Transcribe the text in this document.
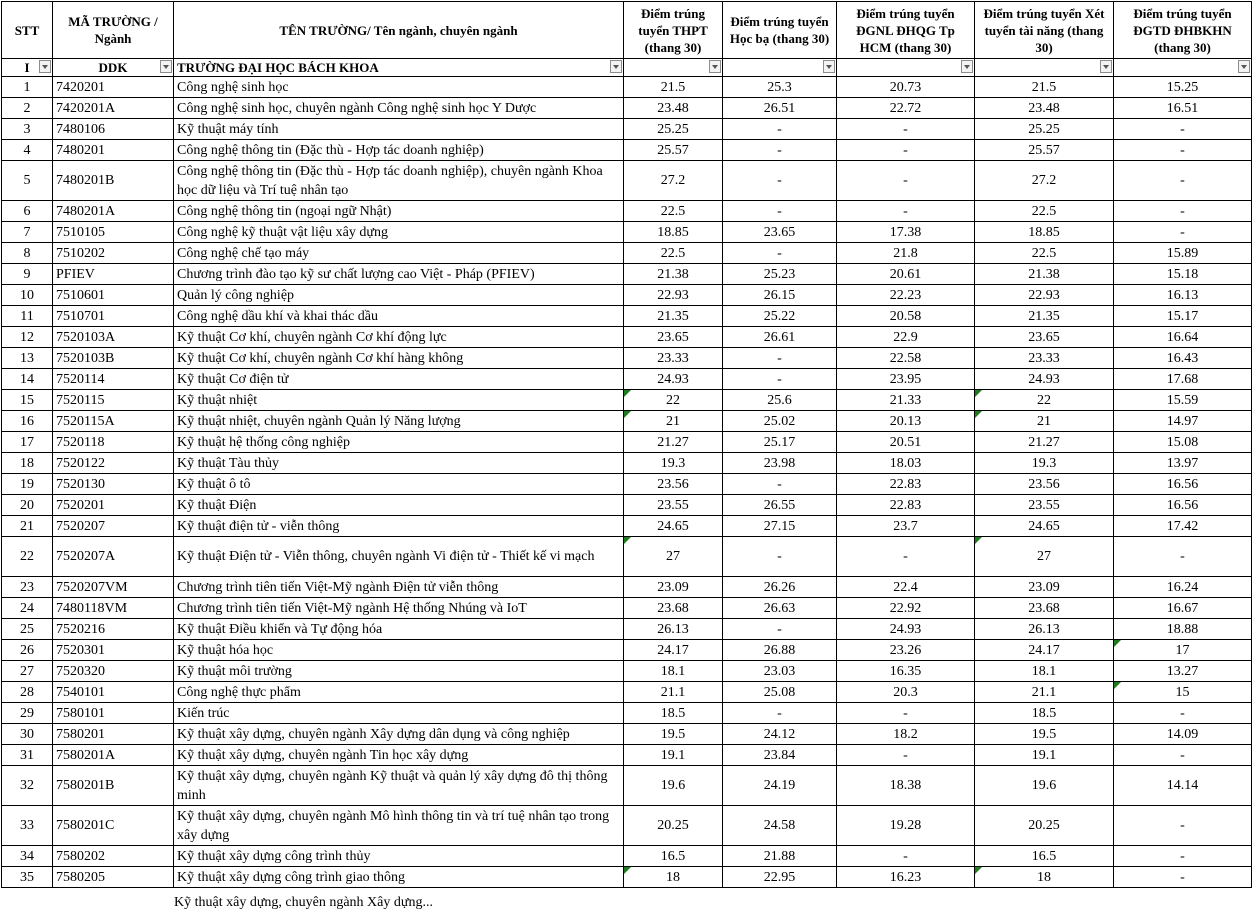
STT	MÃ TRƯỜNG / Ngành	TÊN TRƯỜNG/ Tên ngành, chuyên ngành	Điểm trúng tuyển THPT (thang 30)	Điểm trúng tuyển Học bạ (thang 30)	Điểm trúng tuyển ĐGNL ĐHQG Tp HCM (thang 30)	Điểm trúng tuyển Xét tuyển tài năng (thang 30)	Điểm trúng tuyển ĐGTD ĐHBKHN (thang 30)
I	DDK	TRƯỜNG ĐẠI HỌC BÁCH KHOA

1	7420201	Công nghệ sinh học	21.5	25.3	20.73	21.5	15.25
2	7420201A	Công nghệ sinh học, chuyên ngành Công nghệ sinh học Y Dược	23.48	26.51	22.72	23.48	16.51
3	7480106	Kỹ thuật máy tính	25.25	-	-	25.25	-
4	7480201	Công nghệ thông tin (Đặc thù - Hợp tác doanh nghiệp)	25.57	-	-	25.57	-
5	7480201B	Công nghệ thông tin (Đặc thù - Hợp tác doanh nghiệp), chuyên ngành Khoa học dữ liệu và Trí tuệ nhân tạo	27.2	-	-	27.2	-
6	7480201A	Công nghệ thông tin (ngoại ngữ Nhật)	22.5	-	-	22.5	-
7	7510105	Công nghệ kỹ thuật vật liệu xây dựng	18.85	23.65	17.38	18.85	-
8	7510202	Công nghệ chế tạo máy	22.5	-	21.8	22.5	15.89
9	PFIEV	Chương trình đào tạo kỹ sư chất lượng cao Việt - Pháp (PFIEV)	21.38	25.23	20.61	21.38	15.18
10	7510601	Quản lý công nghiệp	22.93	26.15	22.23	22.93	16.13
11	7510701	Công nghệ dầu khí và khai thác dầu	21.35	25.22	20.58	21.35	15.17
12	7520103A	Kỹ thuật Cơ khí, chuyên ngành Cơ khí động lực	23.65	26.61	22.9	23.65	16.64
13	7520103B	Kỹ thuật Cơ khí, chuyên ngành Cơ khí hàng không	23.33	-	22.58	23.33	16.43
14	7520114	Kỹ thuật Cơ điện tử	24.93	-	23.95	24.93	17.68
15	7520115	Kỹ thuật nhiệt	22	25.6	21.33	22	15.59
16	7520115A	Kỹ thuật nhiệt, chuyên ngành Quản lý Năng lượng	21	25.02	20.13	21	14.97
17	7520118	Kỹ thuật hệ thống công nghiệp	21.27	25.17	20.51	21.27	15.08
18	7520122	Kỹ thuật Tàu thủy	19.3	23.98	18.03	19.3	13.97
19	7520130	Kỹ thuật ô tô	23.56	-	22.83	23.56	16.56
20	7520201	Kỹ thuật Điện	23.55	26.55	22.83	23.55	16.56
21	7520207	Kỹ thuật điện tử - viễn thông	24.65	27.15	23.7	24.65	17.42
22	7520207A	Kỹ thuật Điện tử - Viễn thông, chuyên ngành Vi điện tử - Thiết kế vi mạch	27	-	-	27	-
23	7520207VM	Chương trình tiên tiến Việt-Mỹ ngành Điện tử viễn thông	23.09	26.26	22.4	23.09	16.24
24	7480118VM	Chương trình tiên tiến Việt-Mỹ ngành Hệ thống Nhúng và IoT	23.68	26.63	22.92	23.68	16.67
25	7520216	Kỹ thuật Điều khiển và Tự động hóa	26.13	-	24.93	26.13	18.88
26	7520301	Kỹ thuật hóa học	24.17	26.88	23.26	24.17	17

27	7520320	Kỹ thuật môi trường	18.1	23.03	16.35	18.1	13.27
28	7540101	Công nghệ thực phẩm	21.1	25.08	20.3	21.1	15

29	7580101	Kiến trúc	18.5	-	-	18.5	-
30	7580201	Kỹ thuật xây dựng, chuyên ngành Xây dựng dân dụng và công nghiệp	19.5	24.12	18.2	19.5	14.09
31	7580201A	Kỹ thuật xây dựng, chuyên ngành Tin học xây dựng	19.1	23.84	-	19.1	-
32	7580201B	Kỹ thuật xây dựng, chuyên ngành Kỹ thuật và quản lý xây dựng đô thị thông minh	19.6	24.19	18.38	19.6	14.14
33	7580201C	Kỹ thuật xây dựng, chuyên ngành Mô hình thông tin và trí tuệ nhân tạo trong xây dựng	20.25	24.58	19.28	20.25	-
34	7580202	Kỹ thuật xây dựng công trình thủy	16.5	21.88	-	16.5	-
35	7580205	Kỹ thuật xây dựng công trình giao thông	18	22.95	16.23	18	-
Kỹ thuật xây dựng, chuyên ngành Xây dựng...
